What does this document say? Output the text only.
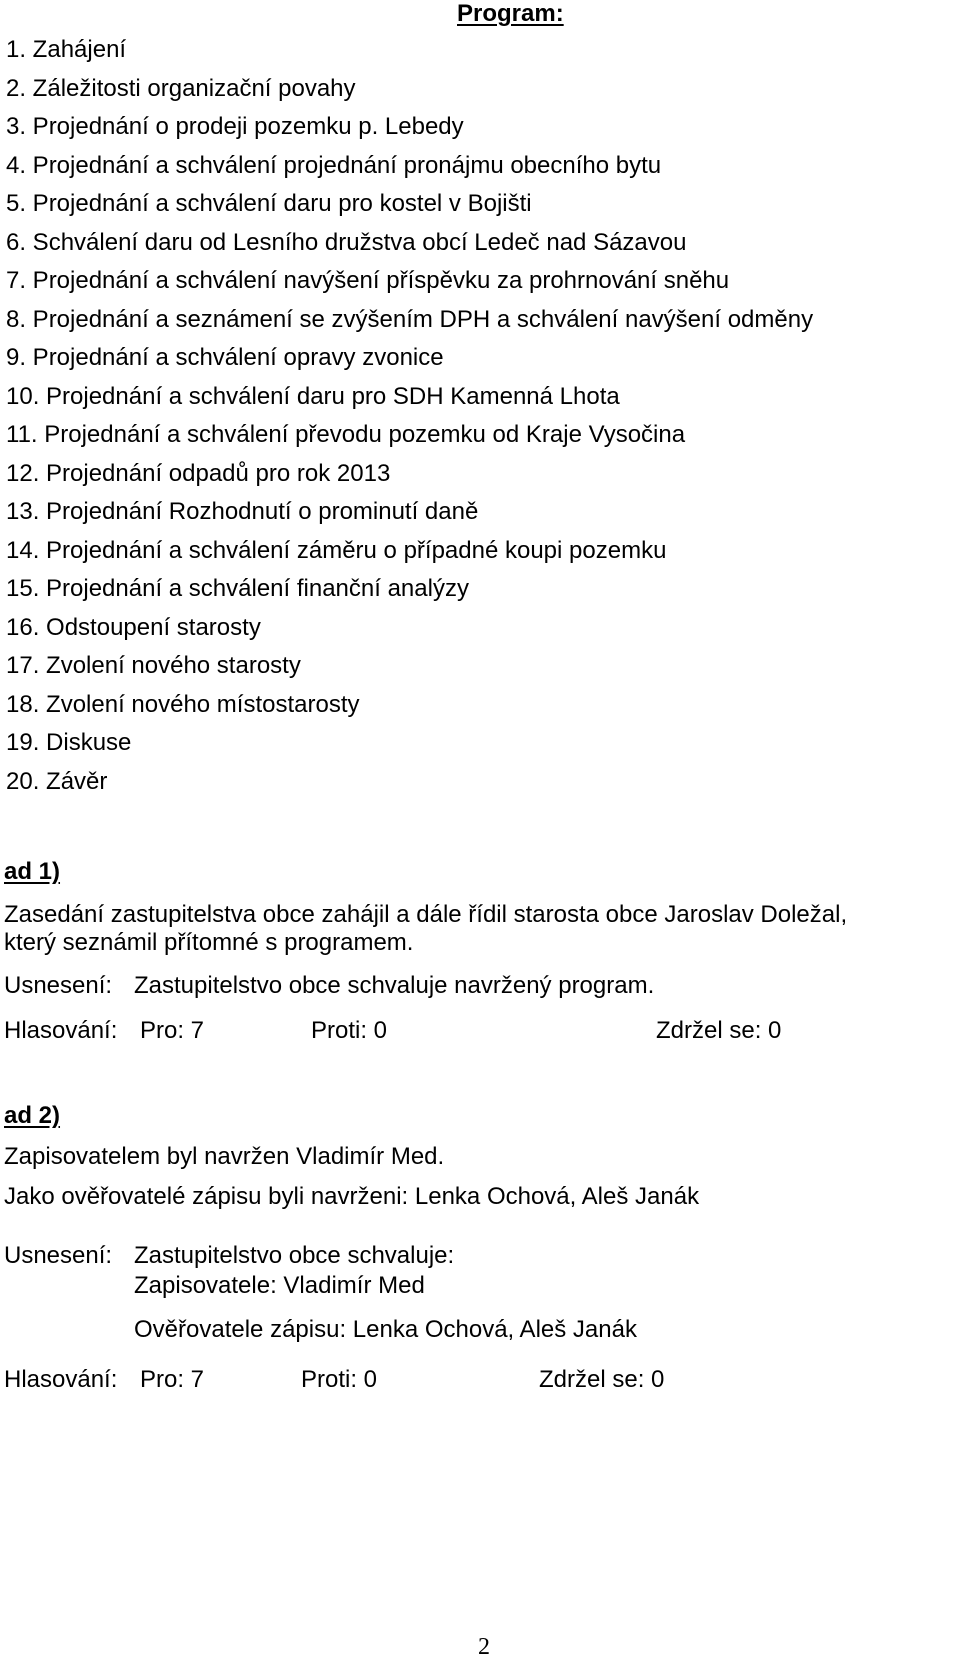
Program:
1. Zahájení
2. Záležitosti organizační povahy
3. Projednání o prodeji pozemku p. Lebedy
4. Projednání a schválení projednání pronájmu obecního bytu
5. Projednání a schválení daru pro kostel v Bojišti
6. Schválení daru od Lesního družstva obcí Ledeč nad Sázavou
7. Projednání a schválení navýšení příspěvku za prohrnování sněhu
8. Projednání a seznámení se zvýšením DPH a schválení navýšení odměny
9. Projednání a schválení opravy zvonice
10. Projednání a schválení daru pro SDH Kamenná Lhota
11. Projednání a schválení převodu pozemku od Kraje Vysočina
12. Projednání odpadů pro rok 2013
13. Projednání Rozhodnutí o prominutí daně
14. Projednání a schválení záměru o případné koupi pozemku
15. Projednání a schválení finanční analýzy
16. Odstoupení starosty
17. Zvolení nového starosty
18. Zvolení nového místostarosty
19. Diskuse
20. Závěr
ad 1)
Zasedání zastupitelstva obce zahájil a dále řídil starosta obce Jaroslav Doležal,
který seznámil přítomné s programem.
Usnesení: Zastupitelstvo obce schvaluje navržený program.
Hlasování: Pro: 7	Proti: 0	Zdržel se: 0
ad 2)
Zapisovatelem byl navržen Vladimír Med.
Jako ověřovatelé zápisu byli navrženi: Lenka Ochová, Aleš Janák
Usnesení: Zastupitelstvo obce schvaluje:
Zapisovatele: Vladimír Med
Ověřovatele zápisu: Lenka Ochová, Aleš Janák
Hlasování: Pro: 7	Proti: 0	Zdržel se: 0
2
